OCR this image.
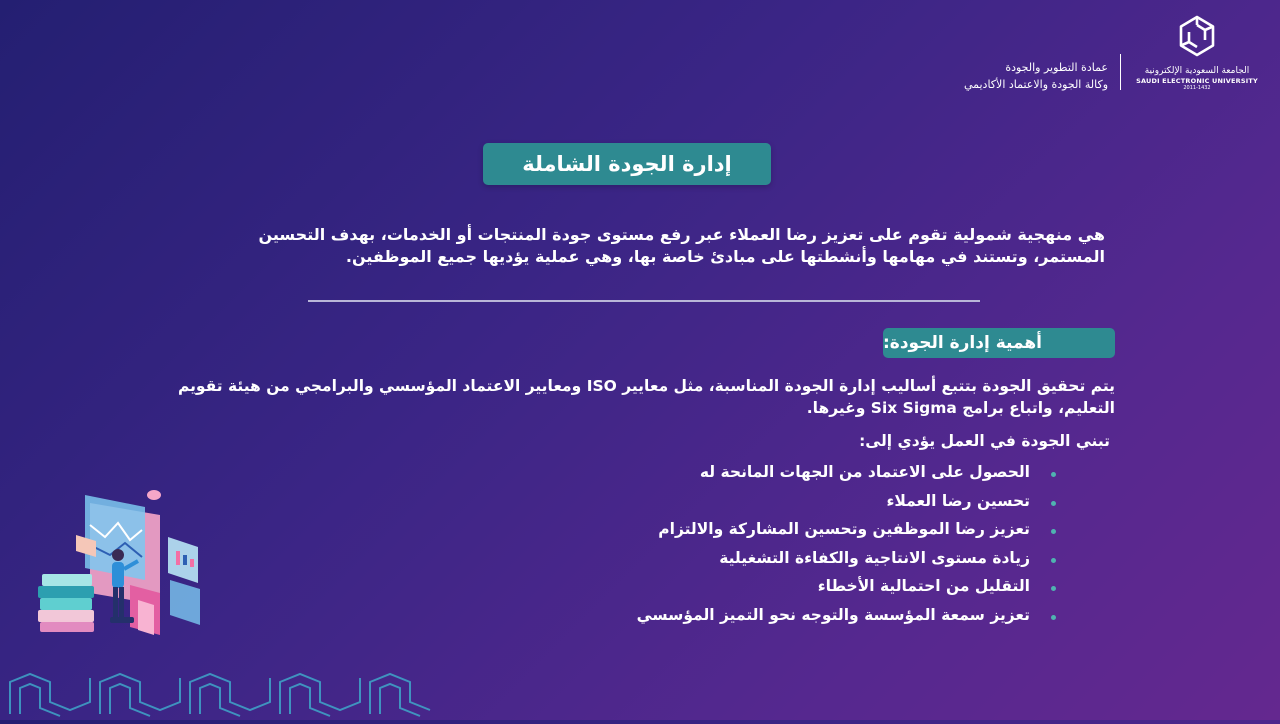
الجامعة السعودية الإلكترونية
SAUDI ELECTRONIC UNIVERSITY
2011-1432
عمادة التطوير والجودة
وكالة الجودة والاعتماد الأكاديمي
إدارة الجودة الشاملة
هي منهجية شمولية تقوم على تعزيز رضا العملاء عبر رفع مستوى جودة المنتجات أو الخدمات، بهدف التحسين المستمر، وتستند في مهامها وأنشطتها على مبادئ خاصة بها، وهي عملية يؤديها جميع الموظفين.
أهمية إدارة الجودة:
يتم تحقيق الجودة بتتبع أساليب إدارة الجودة المناسبة، مثل معايير ISO ومعايير الاعتماد المؤسسي والبرامجي من هيئة تقويم التعليم، واتباع برامج Six Sigma وغيرها.
تبني الجودة في العمل يؤدي إلى:
الحصول على الاعتماد من الجهات المانحة له
تحسين رضا العملاء
تعزيز رضا الموظفين وتحسين المشاركة والالتزام
زيادة مستوى الانتاجية والكفاءة التشغيلية
التقليل من احتمالية الأخطاء
تعزيز سمعة المؤسسة والتوجه نحو التميز المؤسسي
